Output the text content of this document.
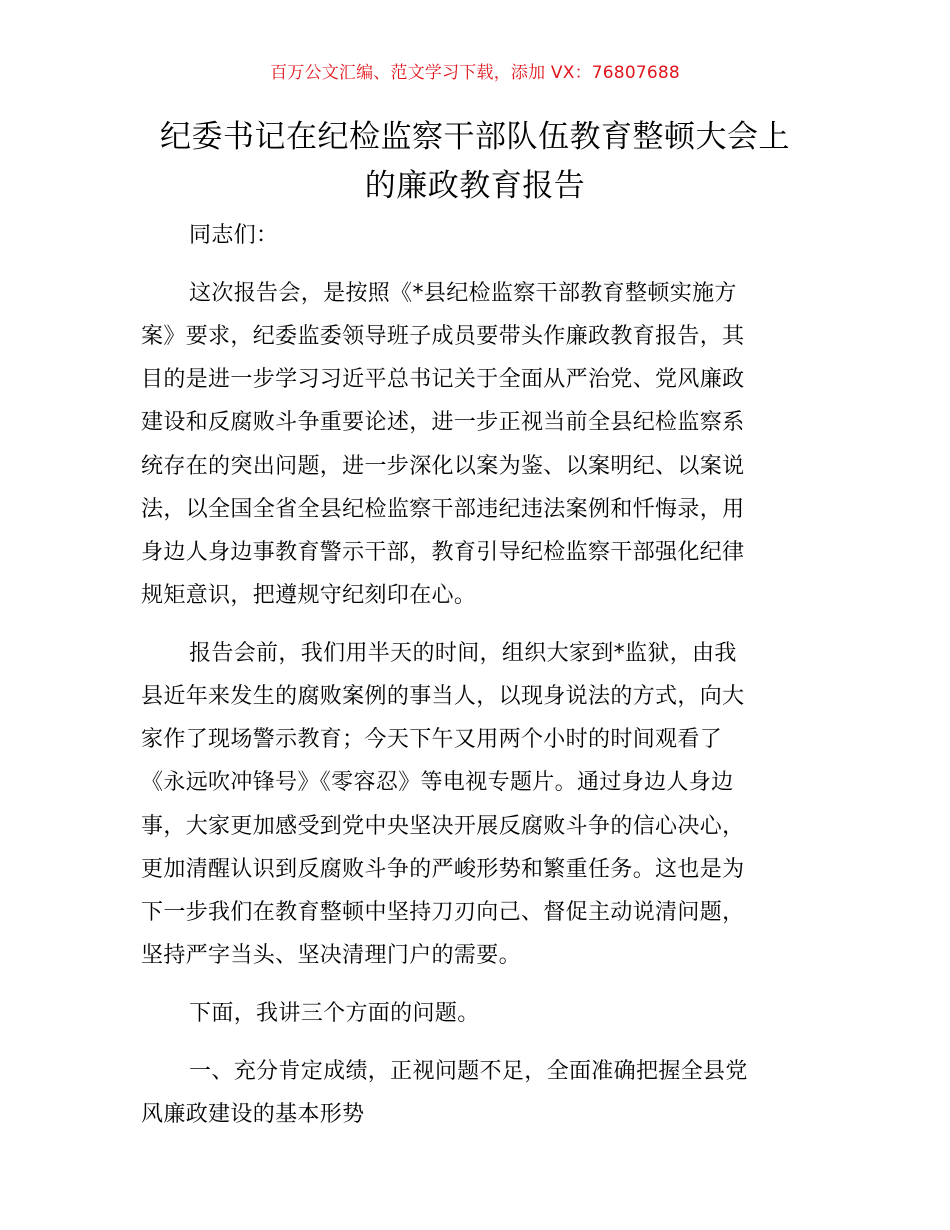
百万公文汇编、范文学习下载，添加 VX：76807688
纪委书记在纪检监察干部队伍教育整顿大会上
的廉政教育报告
同志们：
这次报告会，是按照《*县纪检监察干部教育整顿实施方
案》要求，纪委监委领导班子成员要带头作廉政教育报告，其
目的是进一步学习习近平总书记关于全面从严治党、党风廉政
建设和反腐败斗争重要论述，进一步正视当前全县纪检监察系
统存在的突出问题，进一步深化以案为鉴、以案明纪、以案说
法，以全国全省全县纪检监察干部违纪违法案例和忏悔录，用
身边人身边事教育警示干部，教育引导纪检监察干部强化纪律
规矩意识，把遵规守纪刻印在心。
报告会前，我们用半天的时间，组织大家到*监狱，由我
县近年来发生的腐败案例的事当人，以现身说法的方式，向大
家作了现场警示教育；今天下午又用两个小时的时间观看了
《永远吹冲锋号》《零容忍》等电视专题片。通过身边人身边
事，大家更加感受到党中央坚决开展反腐败斗争的信心决心，
更加清醒认识到反腐败斗争的严峻形势和繁重任务。这也是为
下一步我们在教育整顿中坚持刀刃向己、督促主动说清问题，
坚持严字当头、坚决清理门户的需要。
下面，我讲三个方面的问题。
一、充分肯定成绩，正视问题不足，全面准确把握全县党
风廉政建设的基本形势
